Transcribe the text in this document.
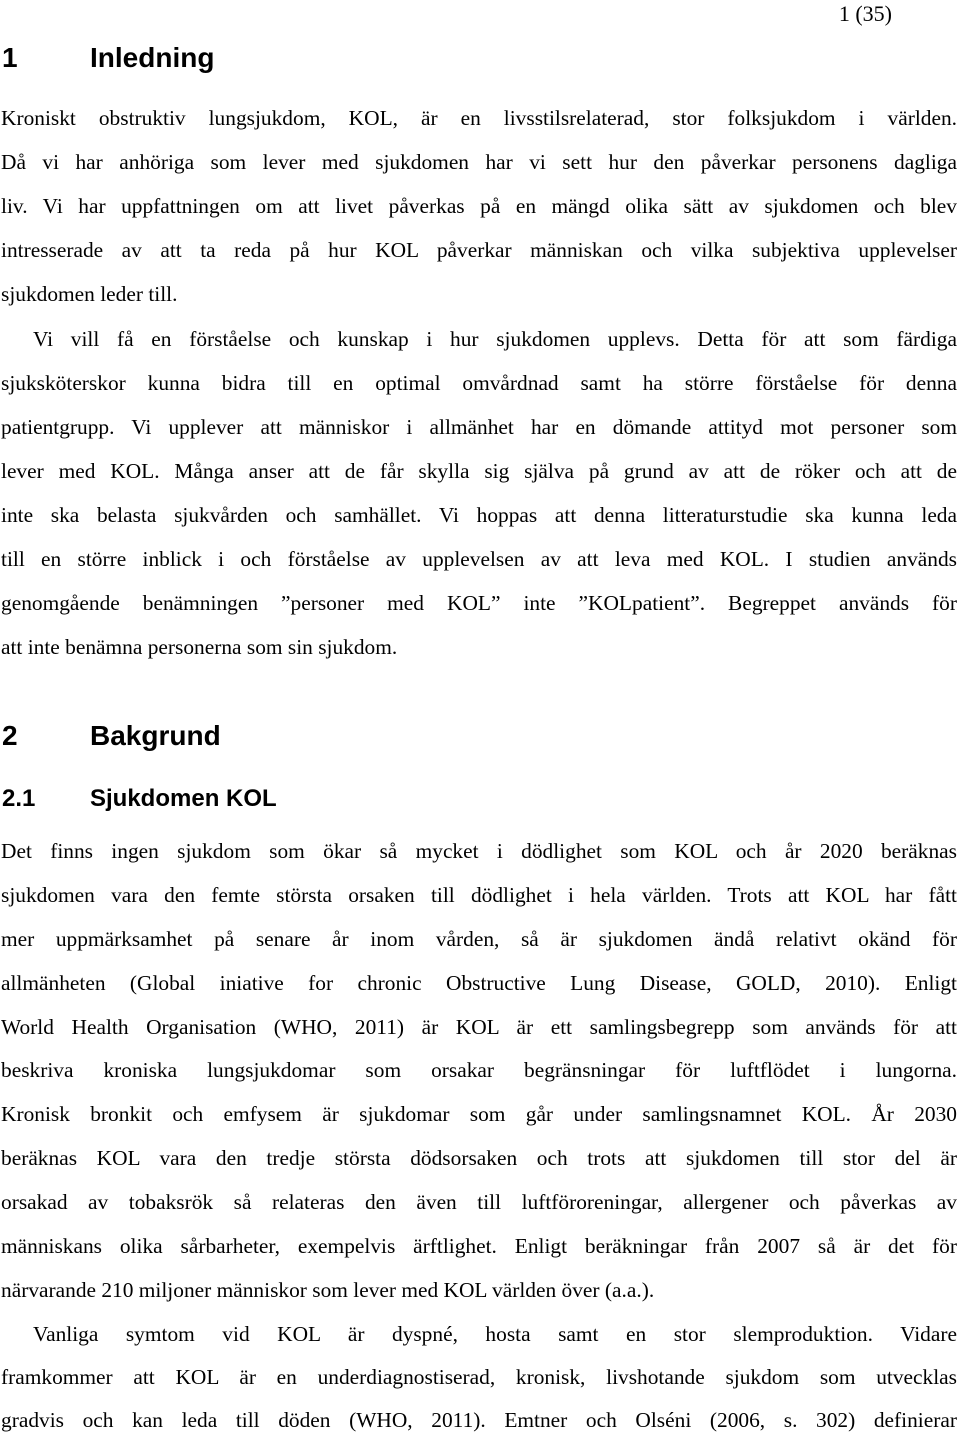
1 (35)
1	Inledning
Kroniskt obstruktiv lungsjukdom, KOL, är en livsstilsrelaterad, stor folksjukdom i världen.
Då vi har anhöriga som lever med sjukdomen har vi sett hur den påverkar personens dagliga
liv. Vi har uppfattningen om att livet påverkas på en mängd olika sätt av sjukdomen och blev
intresserade av att ta reda på hur KOL påverkar människan och vilka subjektiva upplevelser
sjukdomen leder till.
Vi vill få en förståelse och kunskap i hur sjukdomen upplevs. Detta för att som färdiga
sjuksköterskor kunna bidra till en optimal omvårdnad samt ha större förståelse för denna
patientgrupp. Vi upplever att människor i allmänhet har en dömande attityd mot personer som
lever med KOL. Många anser att de får skylla sig själva på grund av att de röker och att de
inte ska belasta sjukvården och samhället. Vi hoppas att denna litteraturstudie ska kunna leda
till en större inblick i och förståelse av upplevelsen av att leva med KOL. I studien används
genomgående benämningen ”personer med KOL” inte ”KOLpatient”. Begreppet används för
att inte benämna personerna som sin sjukdom.
2	Bakgrund
2.1 Sjukdomen KOL
Det finns ingen sjukdom som ökar så mycket i dödlighet som KOL och år 2020 beräknas
sjukdomen vara den femte största orsaken till dödlighet i hela världen. Trots att KOL har fått
mer uppmärksamhet på senare år inom vården, så är sjukdomen ändå relativt okänd för
allmänheten (Global iniative for chronic Obstructive Lung Disease, GOLD, 2010). Enligt
World Health Organisation (WHO, 2011) är KOL är ett samlingsbegrepp som används för att
beskriva kroniska lungsjukdomar som orsakar begränsningar för luftflödet i lungorna.
Kronisk bronkit och emfysem är sjukdomar som går under samlingsnamnet KOL. År 2030
beräknas KOL vara den tredje största dödsorsaken och trots att sjukdomen till stor del är
orsakad av tobaksrök så relateras den även till luftföroreningar, allergener och påverkas av
människans olika sårbarheter, exempelvis ärftlighet. Enligt beräkningar från 2007 så är det för
närvarande 210 miljoner människor som lever med KOL världen över (a.a.).
Vanliga symtom vid KOL är dyspné, hosta samt en stor slemproduktion. Vidare
framkommer att KOL är en underdiagnostiserad, kronisk, livshotande sjukdom som utvecklas
gradvis och kan leda till döden (WHO, 2011). Emtner och Olséni (2006, s. 302) definierar
